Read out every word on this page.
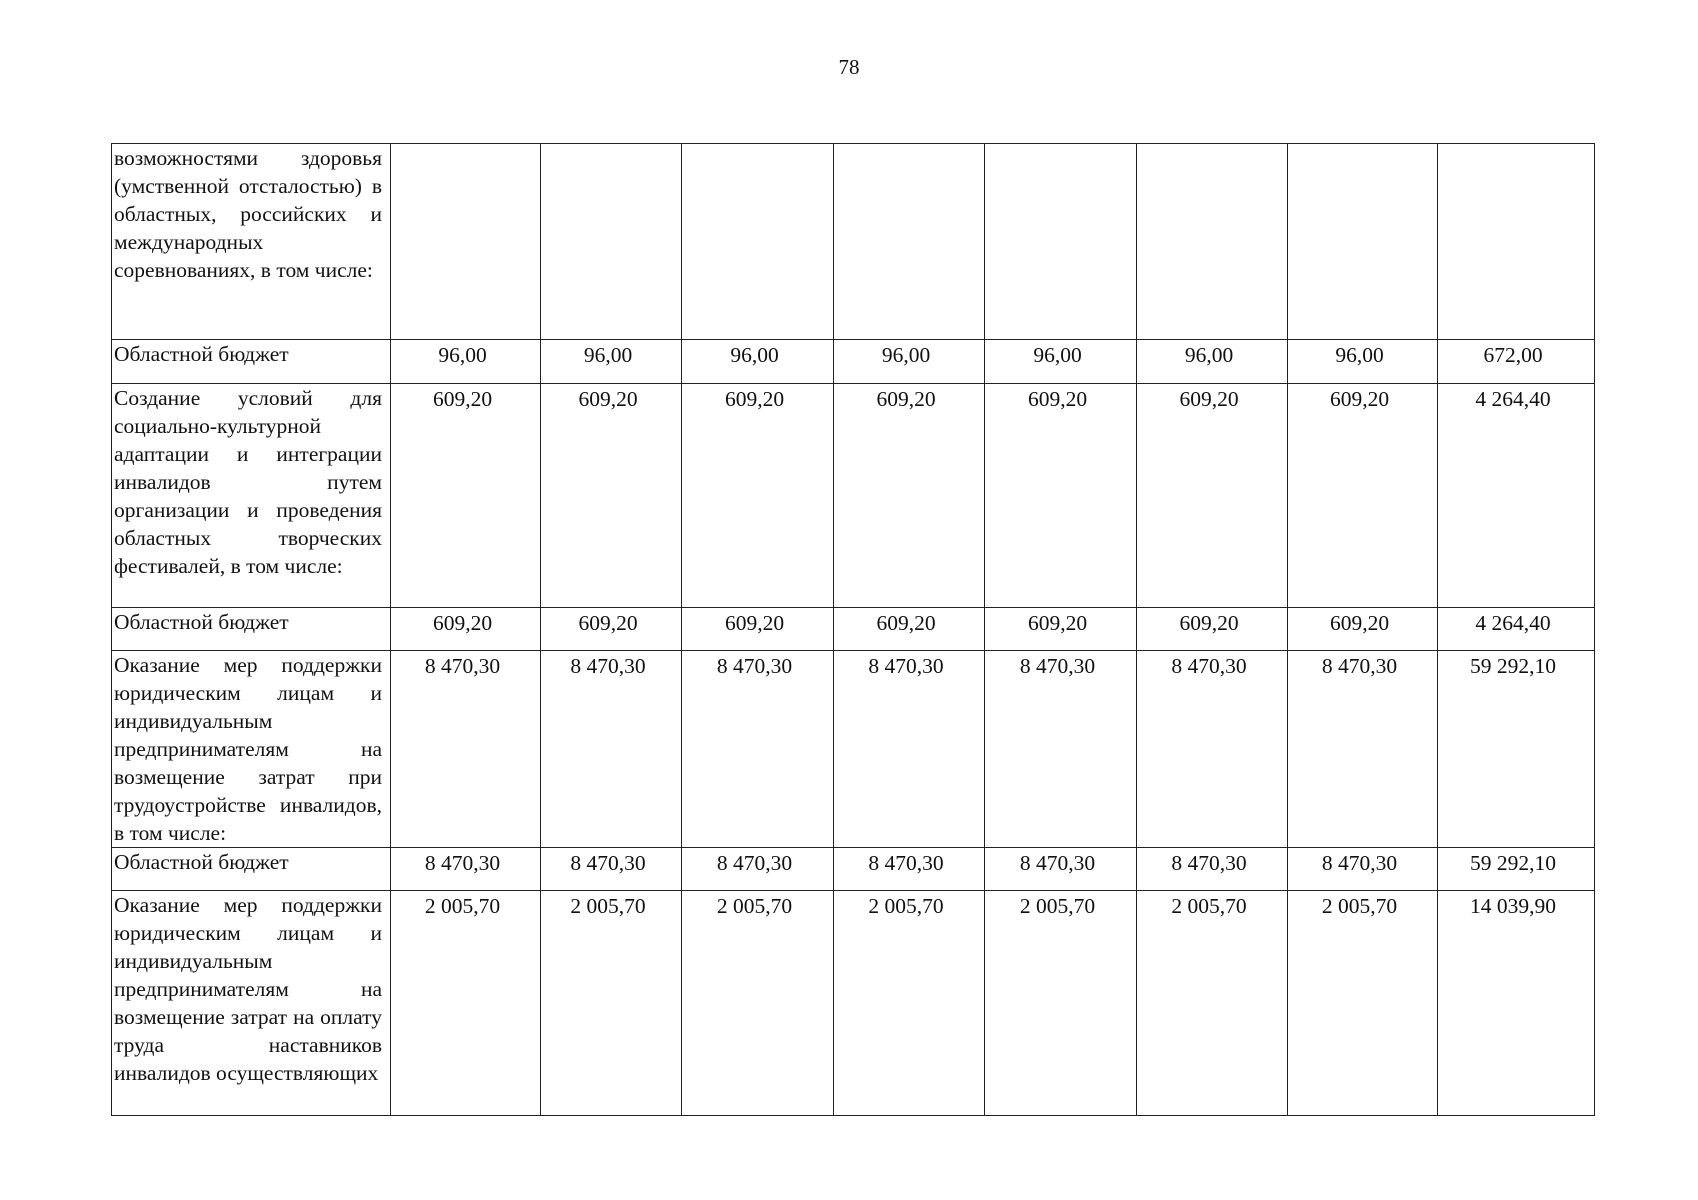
78
возможностями здоровья (умственной отсталостью) в областных, российских и международных соревнованиях, в том числе:								
Областной бюджет	96,00	96,00	96,00	96,00	96,00	96,00	96,00	672,00
Создание условий для социально-культурной адаптации и интеграции инвалидов путем организации и проведения областных творческих фестивалей, в том числе:	609,20	609,20	609,20	609,20	609,20	609,20	609,20	4 264,40
Областной бюджет	609,20	609,20	609,20	609,20	609,20	609,20	609,20	4 264,40
Оказание мер поддержки юридическим лицам и индивидуальным предпринимателям на возмещение затрат при трудоустройстве инвалидов, в том числе:	8 470,30	8 470,30	8 470,30	8 470,30	8 470,30	8 470,30	8 470,30	59 292,10
Областной бюджет	8 470,30	8 470,30	8 470,30	8 470,30	8 470,30	8 470,30	8 470,30	59 292,10
Оказание мер поддержки юридическим лицам и индивидуальным предпринимателям на возмещение затрат на оплату труда наставников инвалидов осуществляющих	2 005,70	2 005,70	2 005,70	2 005,70	2 005,70	2 005,70	2 005,70	14 039,90
